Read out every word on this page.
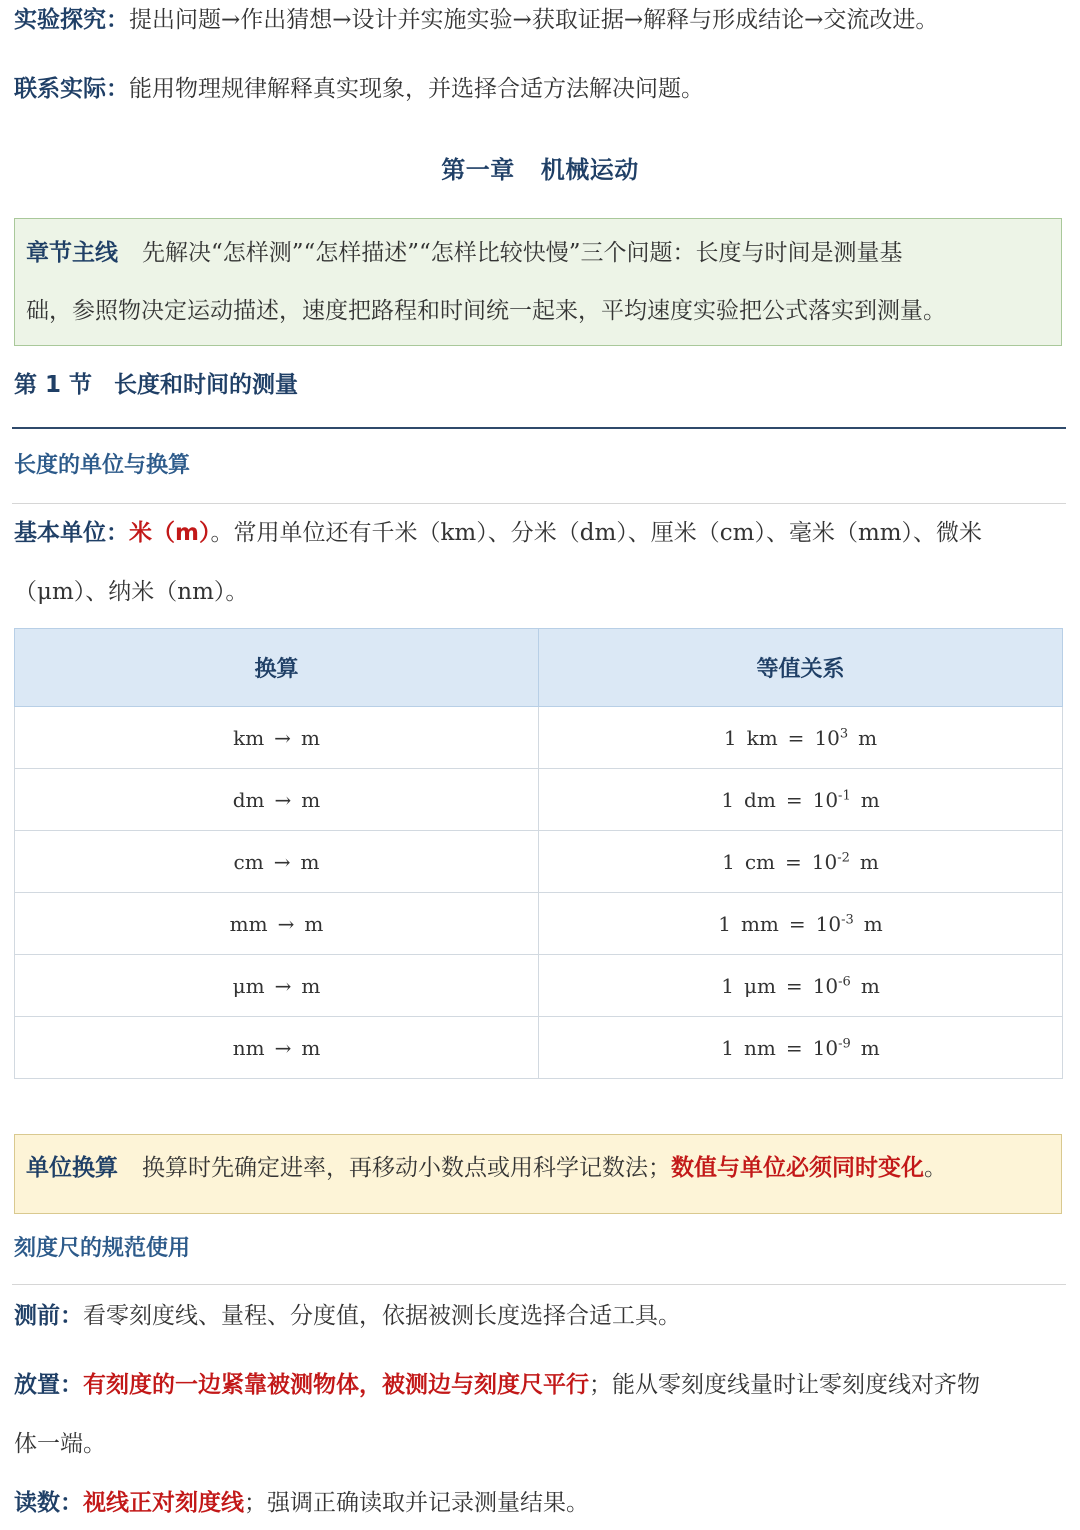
实验探究：提出问题→作出猜想→设计并实施实验→获取证据→解释与形成结论→交流改进。
联系实际：能用物理规律解释真实现象，并选择合适方法解决问题。
第一章 机械运动
章节主线 先解决“怎样测”“怎样描述”“怎样比较快慢”三个问题：长度与时间是测量基
础，参照物决定运动描述，速度把路程和时间统一起来，平均速度实验把公式落实到测量。
第 1 节 长度和时间的测量
长度的单位与换算
基本单位：米（m）。常用单位还有千米（km）、分米（dm）、厘米（cm）、毫米（mm）、微米
（μm）、纳米（nm）。
换算	等值关系
km → m	1 km = $10^3$ m
dm → m	1 dm = $10^{-1}$ m
cm → m	1 cm = $10^{-2}$ m
mm → m	1 mm = $10^{-3}$ m
μm → m	1 $\mu m = 10^{-6}$ m
nm → m	1 nm = $10^{-9}$ m
单位换算 换算时先确定进率，再移动小数点或用科学记数法；数值与单位必须同时变化。
刻度尺的规范使用
测前：看零刻度线、量程、分度值，依据被测长度选择合适工具。
放置：有刻度的一边紧靠被测物体，被测边与刻度尺平行；能从零刻度线量时让零刻度线对齐物
体一端。
读数：视线正对刻度线；强调正确读取并记录测量结果。
